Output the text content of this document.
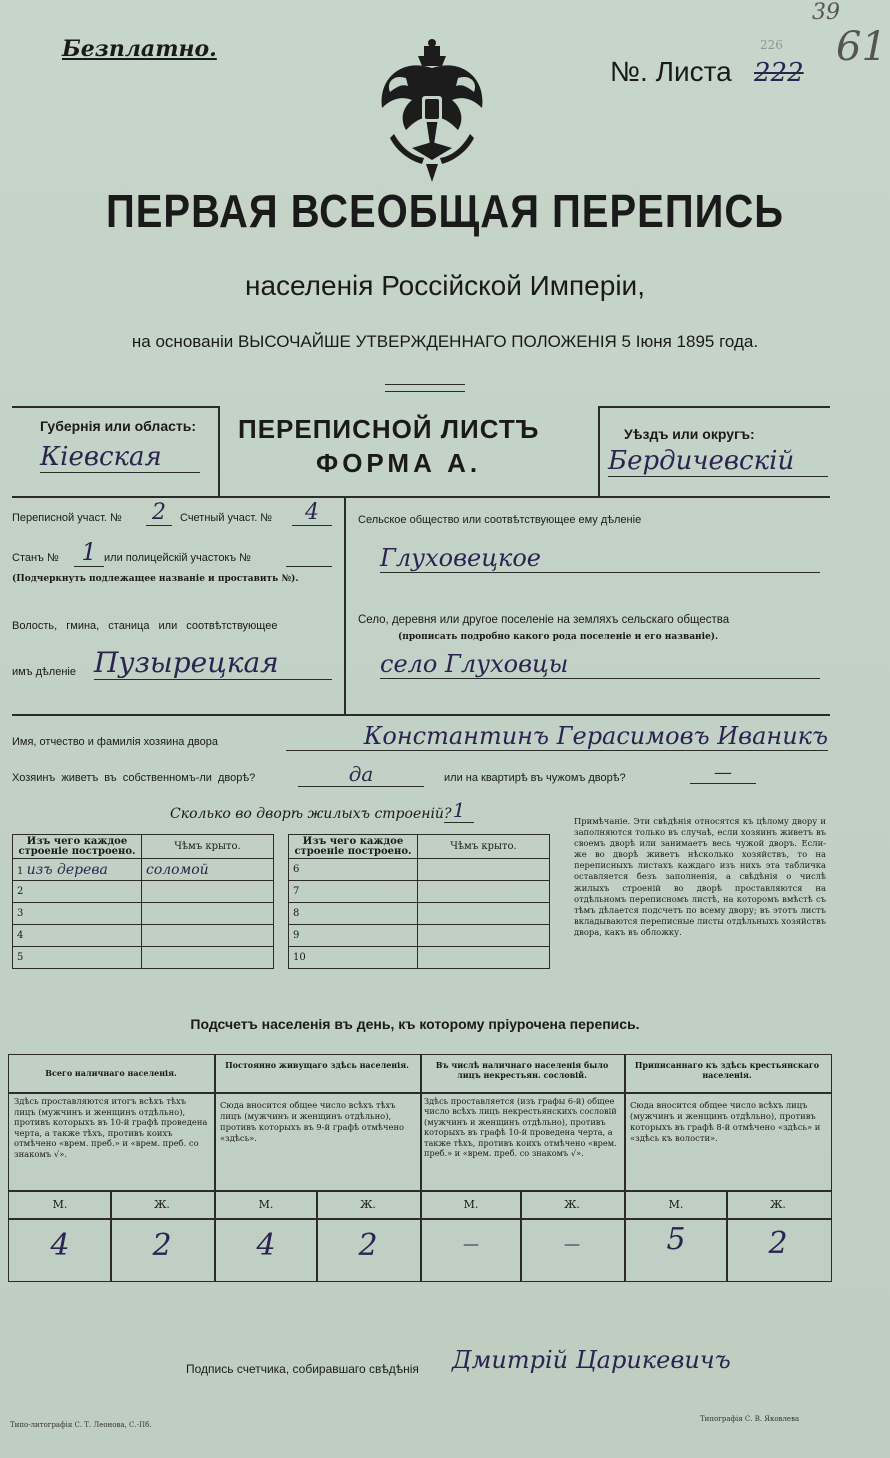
Безплатно.
39
61
226
№. Листа 222
ПЕРВАЯ ВСЕОБЩАЯ ПЕРЕПИСЬ
населенія Россійской Имперіи,
на основаніи ВЫСОЧАЙШЕ УТВЕРЖДЕННАГО ПОЛОЖЕНІЯ 5 Іюня 1895 года.
Губернія или область:
Кіевская
ПЕРЕПИСНОЙ ЛИСТЪ
ФОРМА А.
Уѣздъ или округъ:
Бердичевскій
Переписной участ. № 2	Счетный участ. №	4
Станъ № 1 или полицейскій участокъ №
(Подчеркнуть подлежащее названіе и проставить №).
Волость, гмина, станица или соотвѣтствующее
имъ дѣленіе Пузырецкая
Сельское общество или соотвѣтствующее ему дѣленіе
Глуховецкое
Село, деревня или другое поселеніе на земляхъ сельскаго общества
(прописать подробно какого рода поселеніе и его названіе).
село Глуховцы
Имя, отчество и фамилія хозяина двора	Константинъ Герасимовъ Иваникъ
Хозяинъ живетъ въ собственномъ-ли дворѣ?	да	или на квартирѣ въ чужомъ дворѣ?	—
Сколько во дворѣ жилыхъ строеній? 1
Изъ чего каждое строеніе построено.	Чѣмъ крыто.
1 изъ дерева	соломой
2	
3	
4	
5	
Изъ чего каждое строеніе построено.	Чѣмъ крыто.
6	
7	
8	
9	
10	
Примѣчаніе. Эти свѣдѣнія относятся къ цѣлому двору и заполняются только въ случаѣ, если хозяинъ живетъ въ своемъ дворѣ или занимаетъ весь чужой дворъ. Если-же во дворѣ живетъ нѣсколько хозяйствъ, то на переписныхъ листахъ каждаго изъ нихъ эта табличка оставляется безъ заполненія, а свѣдѣнія о числѣ жилыхъ строеній во дворѣ проставляются на отдѣльномъ переписномъ листѣ, на которомъ вмѣстѣ съ тѣмъ дѣлается подсчетъ по всему двору; въ этотъ листъ вкладываются переписные листы отдѣльныхъ хозяйствъ двора, какъ въ обложку.
Подсчетъ населенія въ день, къ которому пріурочена перепись.
Всего наличнаго населенія.
Здѣсь проставляются итогъ всѣхъ тѣхъ лицъ (мужчинъ и женщинъ отдѣльно), противъ которыхъ въ 10-й графѣ проведена черта, а также тѣхъ, противъ коихъ отмѣчено «врем. преб.» и «врем. преб. со знакомъ √».
М.	Ж.
4	2
Постоянно живущаго здѣсь населенія.
Сюда вносится общее число всѣхъ тѣхъ лицъ (мужчинъ и женщинъ отдѣльно), противъ которыхъ въ 9-й графѣ отмѣчено «здѣсь».
М.	Ж.
4	2
Въ числѣ наличнаго населенія было лицъ некрестьян. сословій.
Здѣсь проставляется (изъ графы 6-й) общее число всѣхъ лицъ некрестьянскихъ сословій (мужчинъ и женщинъ отдѣльно), противъ которыхъ въ графѣ 10-й проведена черта, а также тѣхъ, противъ коихъ отмѣчено «врем. преб.» и «врем. преб. со знакомъ √».
М.	Ж.
—	—
Приписаннаго къ здѣсь крестьянскаго населенія.
Сюда вносится общее число всѣхъ лицъ (мужчинъ и женщинъ отдѣльно), противъ которыхъ въ графѣ 8-й отмѣчено «здѣсь» и «здѣсь къ волости».
М.	Ж.
5	2
Подпись счетчика, собиравшаго свѣдѣнія Дмитрій Царикевичъ
Типо-литографія С. Т. Леонова, С.-Пб.
Типографія С. В. Яковлева
